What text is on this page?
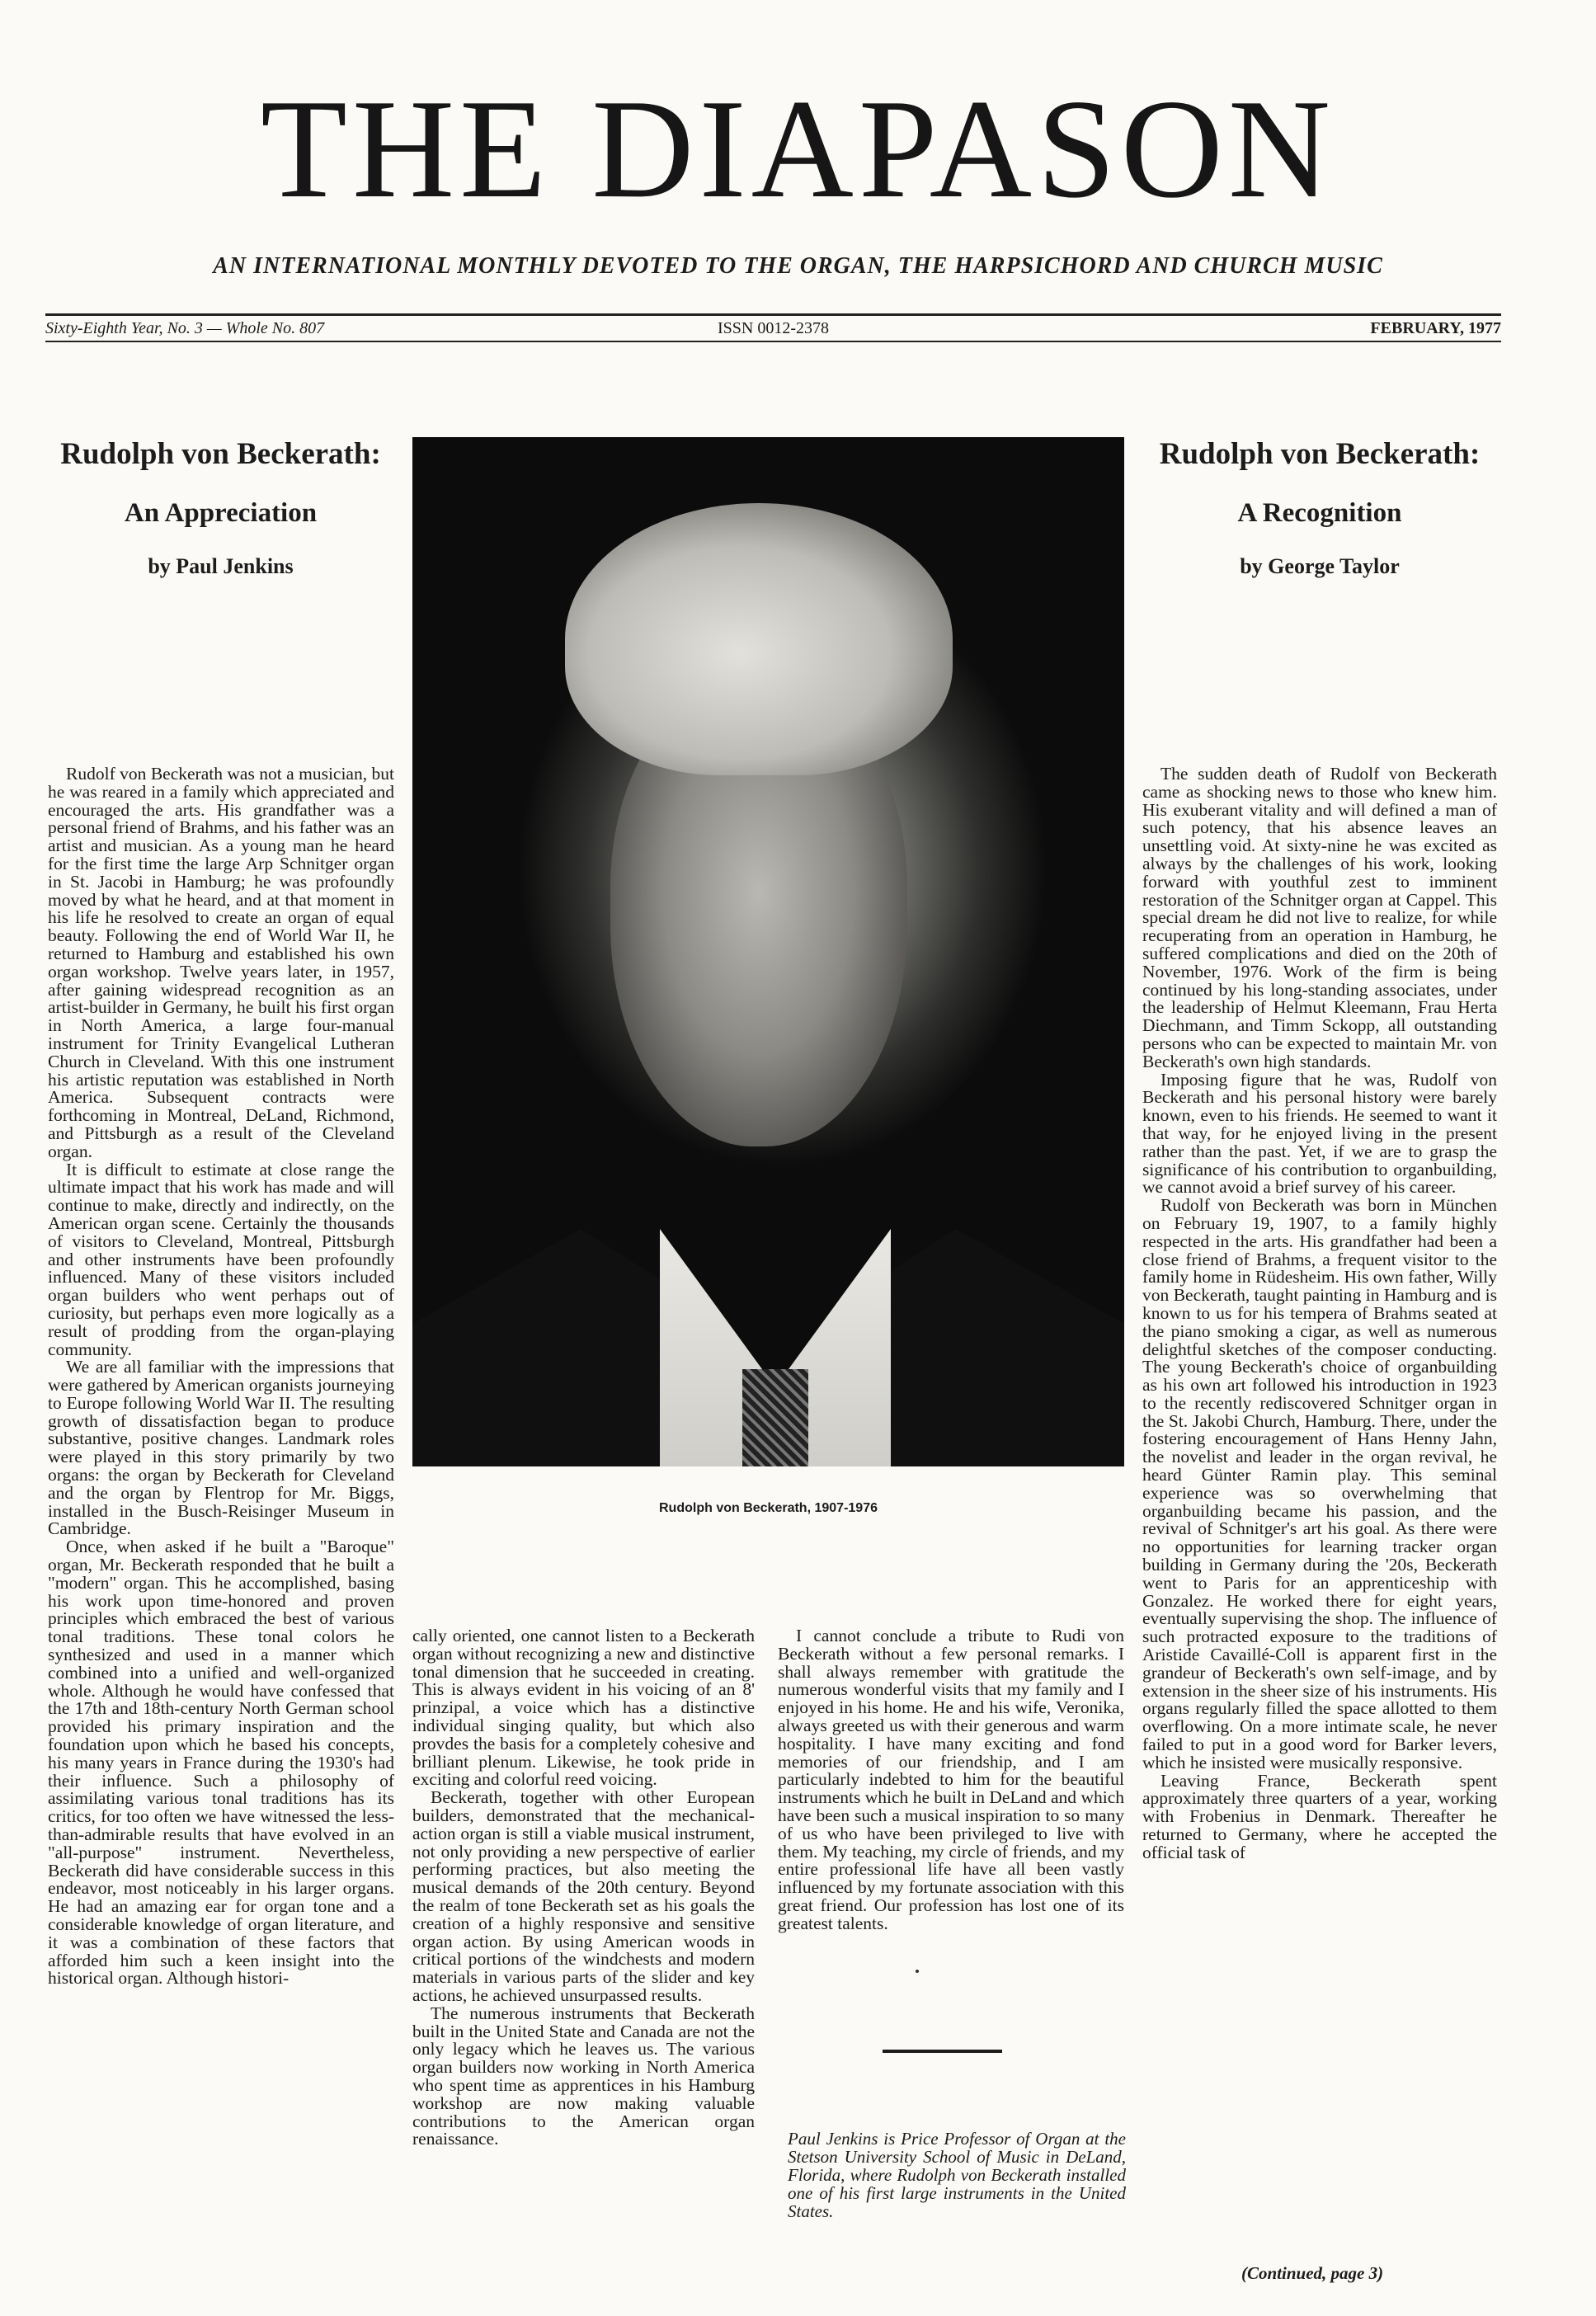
THE DIAPASON
AN INTERNATIONAL MONTHLY DEVOTED TO THE ORGAN, THE HARPSICHORD AND CHURCH MUSIC
Sixty-Eighth Year, No. 3 — Whole No. 807	ISSN 0012-2378	FEBRUARY, 1977
Rudolph von Beckerath:
An Appreciation
by Paul Jenkins
Rudolph von Beckerath:
A Recognition
by George Taylor
Rudolph von Beckerath, 1907-1976

Rudolf von Beckerath was not a musician, but he was reared in a family which appreciated and encouraged the arts. His grandfather was a personal friend of Brahms, and his father was an artist and musician. As a young man he heard for the first time the large Arp Schnitger organ in St. Jacobi in Hamburg; he was profoundly moved by what he heard, and at that moment in his life he resolved to create an organ of equal beauty. Following the end of World War II, he returned to Hamburg and established his own organ workshop. Twelve years later, in 1957, after gaining widespread recognition as an artist-builder in Germany, he built his first organ in North America, a large four-manual instrument for Trinity Evangelical Lutheran Church in Cleveland. With this one instrument his artistic reputation was established in North America. Subsequent contracts were forthcoming in Montreal, DeLand, Richmond, and Pittsburgh as a result of the Cleveland organ.

It is difficult to estimate at close range the ultimate impact that his work has made and will continue to make, directly and indirectly, on the American organ scene. Certainly the thousands of visitors to Cleveland, Montreal, Pittsburgh and other instruments have been profoundly influenced. Many of these visitors included organ builders who went perhaps out of curiosity, but perhaps even more logically as a result of prodding from the organ-playing community.

We are all familiar with the impressions that were gathered by American organists journeying to Europe following World War II. The resulting growth of dissatisfaction began to produce substantive, positive changes. Landmark roles were played in this story primarily by two organs: the organ by Beckerath for Cleveland and the organ by Flentrop for Mr. Biggs, installed in the Busch-Reisinger Museum in Cambridge.

Once, when asked if he built a "Baroque" organ, Mr. Beckerath responded that he built a "modern" organ. This he accomplished, basing his work upon time-honored and proven principles which embraced the best of various tonal traditions. These tonal colors he synthesized and used in a manner which combined into a unified and well-organized whole. Although he would have confessed that the 17th and 18th-century North German school provided his primary inspiration and the foundation upon which he based his concepts, his many years in France during the 1930's had their influence. Such a philosophy of assimilating various tonal traditions has its critics, for too often we have witnessed the less-than-admirable results that have evolved in an "all-purpose" instrument. Nevertheless, Beckerath did have considerable success in this endeavor, most noticeably in his larger organs. He had an amazing ear for organ tone and a considerable knowledge of organ literature, and it was a combination of these factors that afforded him such a keen insight into the historical organ. Although histori-

cally oriented, one cannot listen to a Beckerath organ without recognizing a new and distinctive tonal dimension that he succeeded in creating. This is always evident in his voicing of an 8' prinzipal, a voice which has a distinctive individual singing quality, but which also provdes the basis for a completely cohesive and brilliant plenum. Likewise, he took pride in exciting and colorful reed voicing.

Beckerath, together with other European builders, demonstrated that the mechanical-action organ is still a viable musical instrument, not only providing a new perspective of earlier performing practices, but also meeting the musical demands of the 20th century. Beyond the realm of tone Beckerath set as his goals the creation of a highly responsive and sensitive organ action. By using American woods in critical portions of the windchests and modern materials in various parts of the slider and key actions, he achieved unsurpassed results.

The numerous instruments that Beckerath built in the United State and Canada are not the only legacy which he leaves us. The various organ builders now working in North America who spent time as apprentices in his Hamburg workshop are now making valuable contributions to the American organ renaissance.

I cannot conclude a tribute to Rudi von Beckerath without a few personal remarks. I shall always remember with gratitude the numerous wonderful visits that my family and I enjoyed in his home. He and his wife, Veronika, always greeted us with their generous and warm hospitality. I have many exciting and fond memories of our friendship, and I am particularly indebted to him for the beautiful instruments which he built in DeLand and which have been such a musical inspiration to so many of us who have been privileged to live with them. My teaching, my circle of friends, and my entire professional life have all been vastly influenced by my fortunate association with this great friend. Our profession has lost one of its greatest talents.

Paul Jenkins is Price Professor of Organ at the Stetson University School of Music in DeLand, Florida, where Rudolph von Beckerath installed one of his first large instruments in the United States.

The sudden death of Rudolf von Beckerath came as shocking news to those who knew him. His exuberant vitality and will defined a man of such potency, that his absence leaves an unsettling void. At sixty-nine he was excited as always by the challenges of his work, looking forward with youthful zest to imminent restoration of the Schnitger organ at Cappel. This special dream he did not live to realize, for while recuperating from an operation in Hamburg, he suffered complications and died on the 20th of November, 1976. Work of the firm is being continued by his long-standing associates, under the leadership of Helmut Kleemann, Frau Herta Diechmann, and Timm Sckopp, all outstanding persons who can be expected to maintain Mr. von Beckerath's own high standards.

Imposing figure that he was, Rudolf von Beckerath and his personal history were barely known, even to his friends. He seemed to want it that way, for he enjoyed living in the present rather than the past. Yet, if we are to grasp the significance of his contribution to organbuilding, we cannot avoid a brief survey of his career.

Rudolf von Beckerath was born in München on February 19, 1907, to a family highly respected in the arts. His grandfather had been a close friend of Brahms, a frequent visitor to the family home in Rüdesheim. His own father, Willy von Beckerath, taught painting in Hamburg and is known to us for his tempera of Brahms seated at the piano smoking a cigar, as well as numerous delightful sketches of the composer conducting. The young Beckerath's choice of organbuilding as his own art followed his introduction in 1923 to the recently rediscovered Schnitger organ in the St. Jakobi Church, Hamburg. There, under the fostering encouragement of Hans Henny Jahn, the novelist and leader in the organ revival, he heard Günter Ramin play. This seminal experience was so overwhelming that organbuilding became his passion, and the revival of Schnitger's art his goal. As there were no opportunities for learning tracker organ building in Germany during the '20s, Beckerath went to Paris for an apprenticeship with Gonzalez. He worked there for eight years, eventually supervising the shop. The influence of such protracted exposure to the traditions of Aristide Cavaillé-Coll is apparent first in the grandeur of Beckerath's own self-image, and by extension in the sheer size of his instruments. His organs regularly filled the space allotted to them overflowing. On a more intimate scale, he never failed to put in a good word for Barker levers, which he insisted were musically responsive.

Leaving France, Beckerath spent approximately three quarters of a year, working with Frobenius in Denmark. Thereafter he returned to Germany, where he accepted the official task of

(Continued, page 3)
